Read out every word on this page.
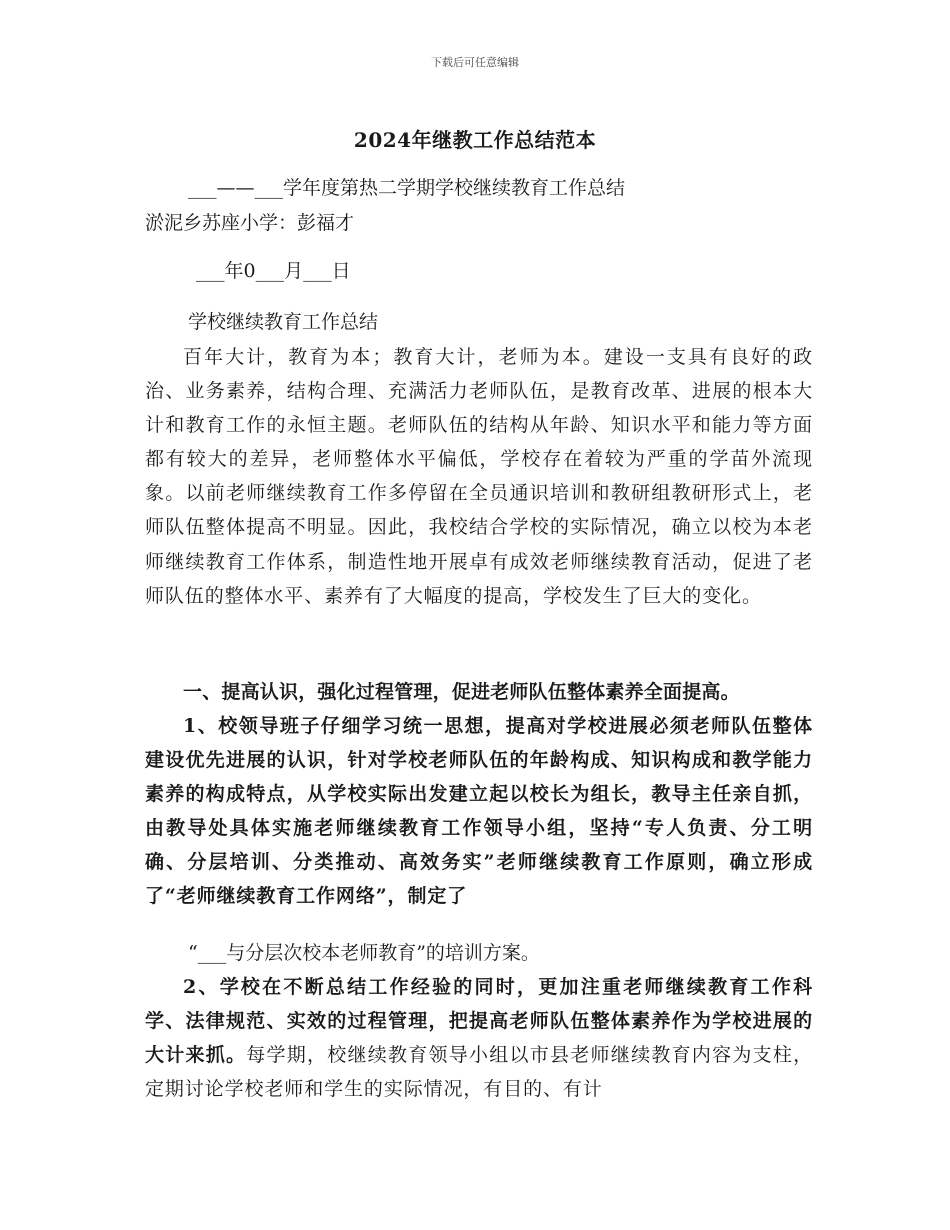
下载后可任意编辑
2024年继教工作总结范本
___——___学年度第热二学期学校继续教育工作总结
淤泥乡苏座小学：彭福才
___年0___月___日
学校继续教育工作总结
百年大计，教育为本；教育大计，老师为本。建设一支具有良好的政治、业务素养，结构合理、充满活力老师队伍，是教育改革、进展的根本大计和教育工作的永恒主题。老师队伍的结构从年龄、知识水平和能力等方面都有较大的差异，老师整体水平偏低，学校存在着较为严重的学苗外流现象。以前老师继续教育工作多停留在全员通识培训和教研组教研形式上，老师队伍整体提高不明显。因此，我校结合学校的实际情况，确立以校为本老师继续教育工作体系，制造性地开展卓有成效老师继续教育活动，促进了老师队伍的整体水平、素养有了大幅度的提高，学校发生了巨大的变化。
一、提高认识，强化过程管理，促进老师队伍整体素养全面提高。
1、校领导班子仔细学习统一思想，提高对学校进展必须老师队伍整体建设优先进展的认识，针对学校老师队伍的年龄构成、知识构成和教学能力素养的构成特点，从学校实际出发建立起以校长为组长，教导主任亲自抓，由教导处具体实施老师继续教育工作领导小组，坚持“专人负责、分工明确、分层培训、分类推动、高效务实”老师继续教育工作原则，确立形成了“老师继续教育工作网络”，制定了
“___与分层次校本老师教育”的培训方案。
2、学校在不断总结工作经验的同时，更加注重老师继续教育工作科学、法律规范、实效的过程管理，把提高老师队伍整体素养作为学校进展的大计来抓。每学期，校继续教育领导小组以市县老师继续教育内容为支柱，定期讨论学校老师和学生的实际情况，有目的、有计
